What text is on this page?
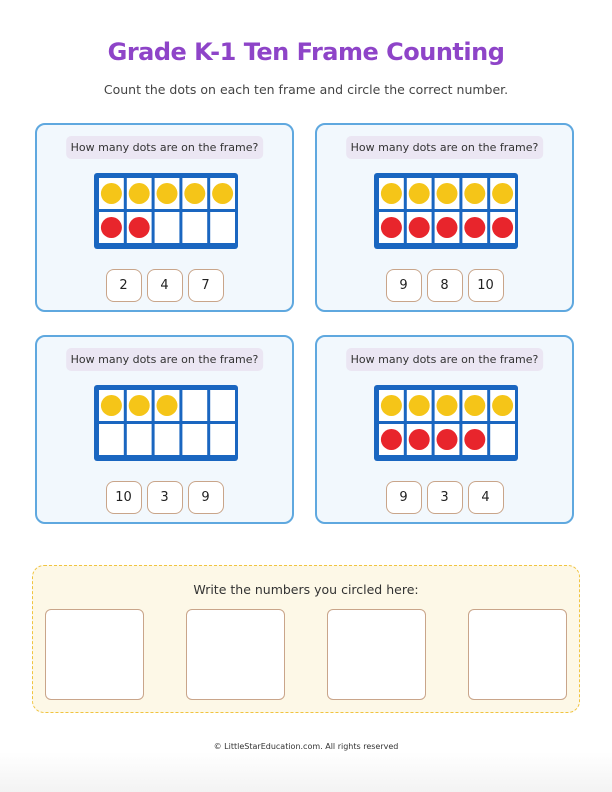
Grade K-1 Ten Frame Counting
Count the dots on each ten frame and circle the correct number.
How many dots are on the frame?
2	4	7
How many dots are on the frame?
9	8	10
How many dots are on the frame?
10	3	9
How many dots are on the frame?
9	3	4
Write the numbers you circled here:
© LittleStarEducation.com. All rights reserved
